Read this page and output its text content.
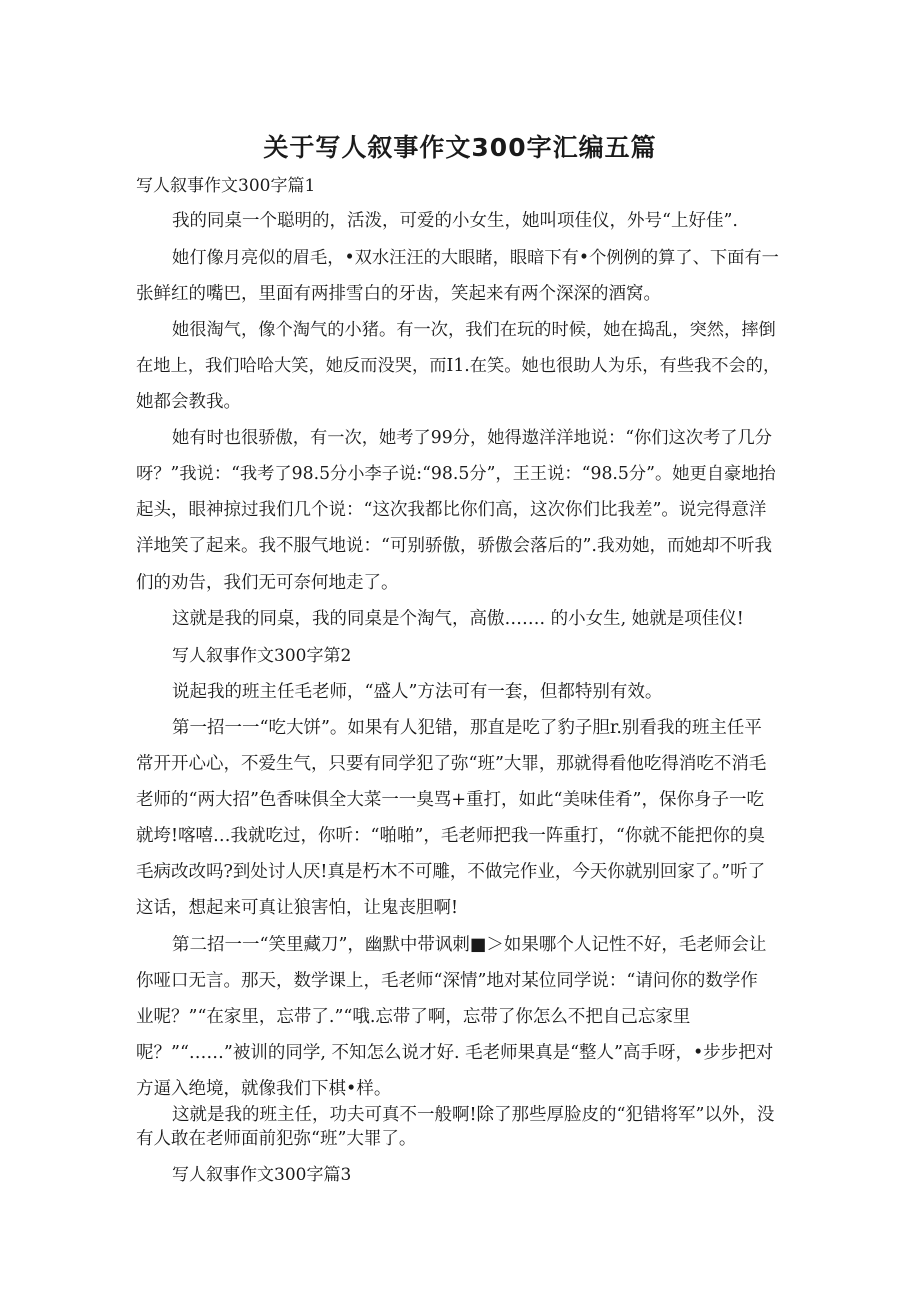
关于写人叙事作文300字汇编五篇

写人叙事作文300字篇1

我的同桌一个聪明的，活泼，可爱的小女生，她叫项佳仪，外号“上好佳”.

她仃像月亮似的眉毛，•双水汪汪的大眼睹，眼暗下有•个例例的算了、下面有一

张鲜红的嘴巴，里面有两排雪白的牙齿，笑起来有两个深深的酒窝。

她很淘气，像个淘气的小猪。有一次，我们在玩的时候，她在捣乱，突然，摔倒

在地上，我们哈哈大笑，她反而没哭，而I1.在笑。她也很助人为乐，有些我不会的，

她都会教我。

她有时也很骄傲，有一次，她考了99分，她得遨洋洋地说：“你们这次考了几分

呀？”我说：“我考了98.5分小李子说:“98.5分”，王王说：“98.5分”。她更自豪地抬

起头，眼神掠过我们几个说：“这次我都比你们高，这次你们比我差”。说完得意洋

洋地笑了起来。我不服气地说：“可别骄傲，骄傲会落后的”.我劝她，而她却不听我

们的劝告，我们无可奈何地走了。

这就是我的同桌，我的同桌是个淘气，高傲……. 的小女生, 她就是项佳仪!

写人叙事作文300字第2

说起我的班主任毛老师，“盛人”方法可有一套，但都特别有效。

第一招一一“吃大饼”。如果有人犯错，那直是吃了豹子胆r.别看我的班主任平

常开开心心，不爱生气，只要有同学犯了弥“班”大罪，那就得看他吃得消吃不消毛

老师的“两大招”色香味俱全大菜一一臭骂+重打，如此“美味佳肴”，保你身子一吃

就垮!喀嘻…我就吃过，你听：“啪啪”，毛老师把我一阵重打，“你就不能把你的臭

毛病改改吗?到处讨人厌!真是朽木不可雕，不做完作业，今天你就别回家了。”听了

这话，想起来可真让狼害怕，让鬼丧胆啊!

第二招一一“笑里藏刀”，幽默中带讽刺■＞如果哪个人记性不好，毛老师会让

你哑口无言。那天，数学课上，毛老师“深情”地对某位同学说：“请问你的数学作

业呢？”“在家里，忘带了.”“哦.忘带了啊，忘带了你怎么不把自己忘家里

呢？”“……”被训的同学, 不知怎么说才好. 毛老师果真是“整人”高手呀，•步步把对

方逼入绝境，就像我们下棋•样。

这就是我的班主任，功夫可真不一般啊!除了那些厚脸皮的“犯错将军”以外，没

有人敢在老师面前犯弥“班”大罪了。

写人叙事作文300字篇3
